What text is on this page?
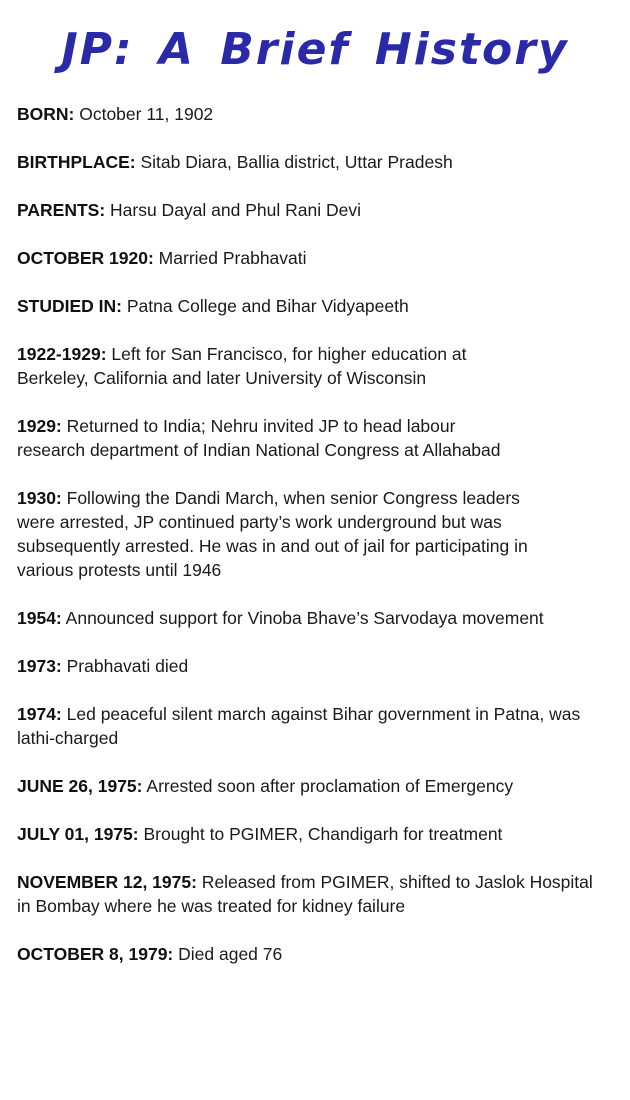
JP: A Brief History

BORN: October 11, 1902

BIRTHPLACE: Sitab Diara, Ballia district, Uttar Pradesh

PARENTS: Harsu Dayal and Phul Rani Devi

OCTOBER 1920: Married Prabhavati

STUDIED IN: Patna College and Bihar Vidyapeeth

1922-1929: Left for San Francisco, for higher education at
Berkeley, California and later University of Wisconsin

1929: Returned to India; Nehru invited JP to head labour
research department of Indian National Congress at Allahabad

1930: Following the Dandi March, when senior Congress leaders
were arrested, JP continued party’s work underground but was
subsequently arrested. He was in and out of jail for participating in
various protests until 1946

1954: Announced support for Vinoba Bhave’s Sarvodaya movement

1973: Prabhavati died

1974: Led peaceful silent march against Bihar government in Patna, was
lathi-charged

JUNE 26, 1975: Arrested soon after proclamation of Emergency

JULY 01, 1975: Brought to PGIMER, Chandigarh for treatment

NOVEMBER 12, 1975: Released from PGIMER, shifted to Jaslok Hospital
in Bombay where he was treated for kidney failure

OCTOBER 8, 1979: Died aged 76
